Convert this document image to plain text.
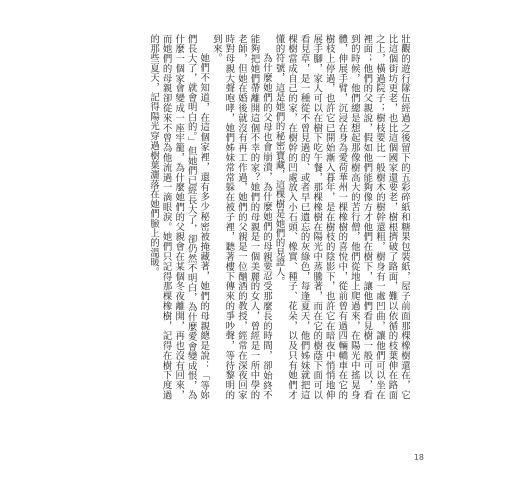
壯觀的遊行隊伍經過之後留下的五彩碎紙和糖果包裝紙，屋子前面那棵橡樹還在，它比這個街坊更老，也比這個國家還要老，樹根擠破了路面，難以依循的枝葉伸在路面之上，橫過院子；樹枝要比一般樹木的樹幹還粗，樹身有一處凹曲，讓他們可以坐在裡面；他們的父親說，假如他們能夠像方才他們在樹下，讓他們看見樹一般可以，看到的時候，他們總是想起那像樹高大的苦行僧，他們從地上爬過來，在陽光中搖晃身體，伸展手臂，沉浸在身為愛荷華州一棵橡樹的喜悅中，從前曾有過四輛轎車在它的樹枝上停過，也許它已開始漸入暮年，是在樹枝的陰影下，也許它在暗夜中悄悄地伸展手腳，家人可以在樹下吃午餐，那棵橡樹在陽光中蒸騰著，而在它的樹蔭下面可以看見草，是一種從不曾見過的、或者早已遺忘的灰綠色，每逢夏天，他們姊妹就把這棵樹當成自己的家，在樹幹的凹處放入小石頭、橡實、種子、花朵，以及只有她們才懂的符號，這是她們的秘密寶藏，這棵樹是她們的見證人。

為什麼她們的父母也會崩潰，為什麼她們的母親要忍受那麼長的時間，卻始終不能夠把她們帶離開這個不幸的家？她們的母親是一個美麗的女人，曾經是一所中學的老師，但她在婚後就沒有再工作過，她們的父親是一位酗酒的教授，經常在深夜回家時對母親大聲咆哮，她們姊妹常常躲在被子裡，聽著樓下傳來的爭吵聲，等待黎明的到來。

她們不知道，在這個家裡，還有多少秘密被掩藏著，她們的母親總是說：「等妳們長大了，就會明白的。」但她們已經長大了，卻仍然不明白，為什麼愛會變成恨，為什麼一個家會變成一座牢籠，為什麼她們的父親會在某個冬夜離開，再也沒有回來，而她們的母親卻從來不曾為他流過一滴眼淚。她們只記得那棵橡樹，記得在樹下度過的那些夏天，記得陽光穿過樹葉灑落在她們臉上的溫暖。

18
